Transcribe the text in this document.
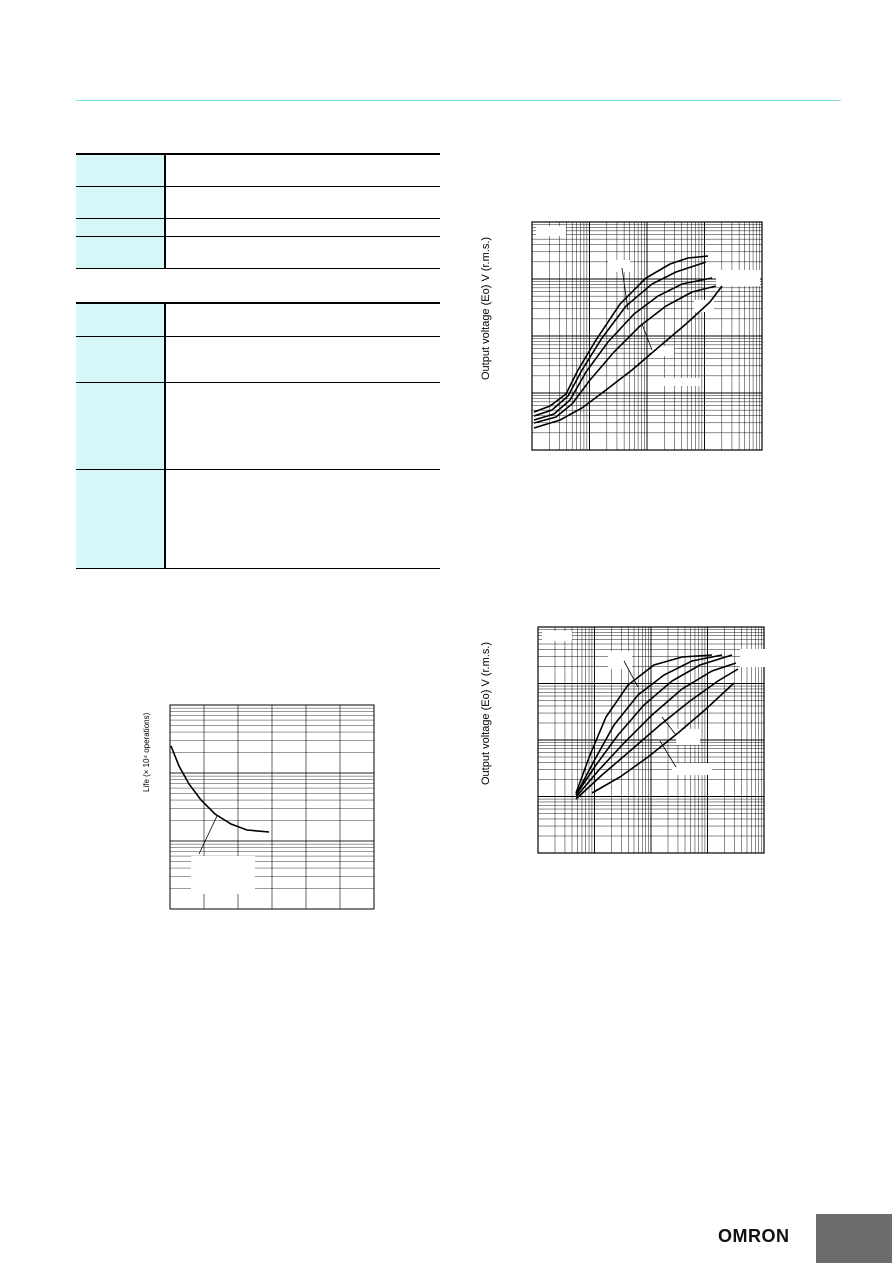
Life (× 10⁴ operations)
Output voltage (Eo) V (r.m.s.)
Output voltage (Eo) V (r.m.s.)
OMRON
